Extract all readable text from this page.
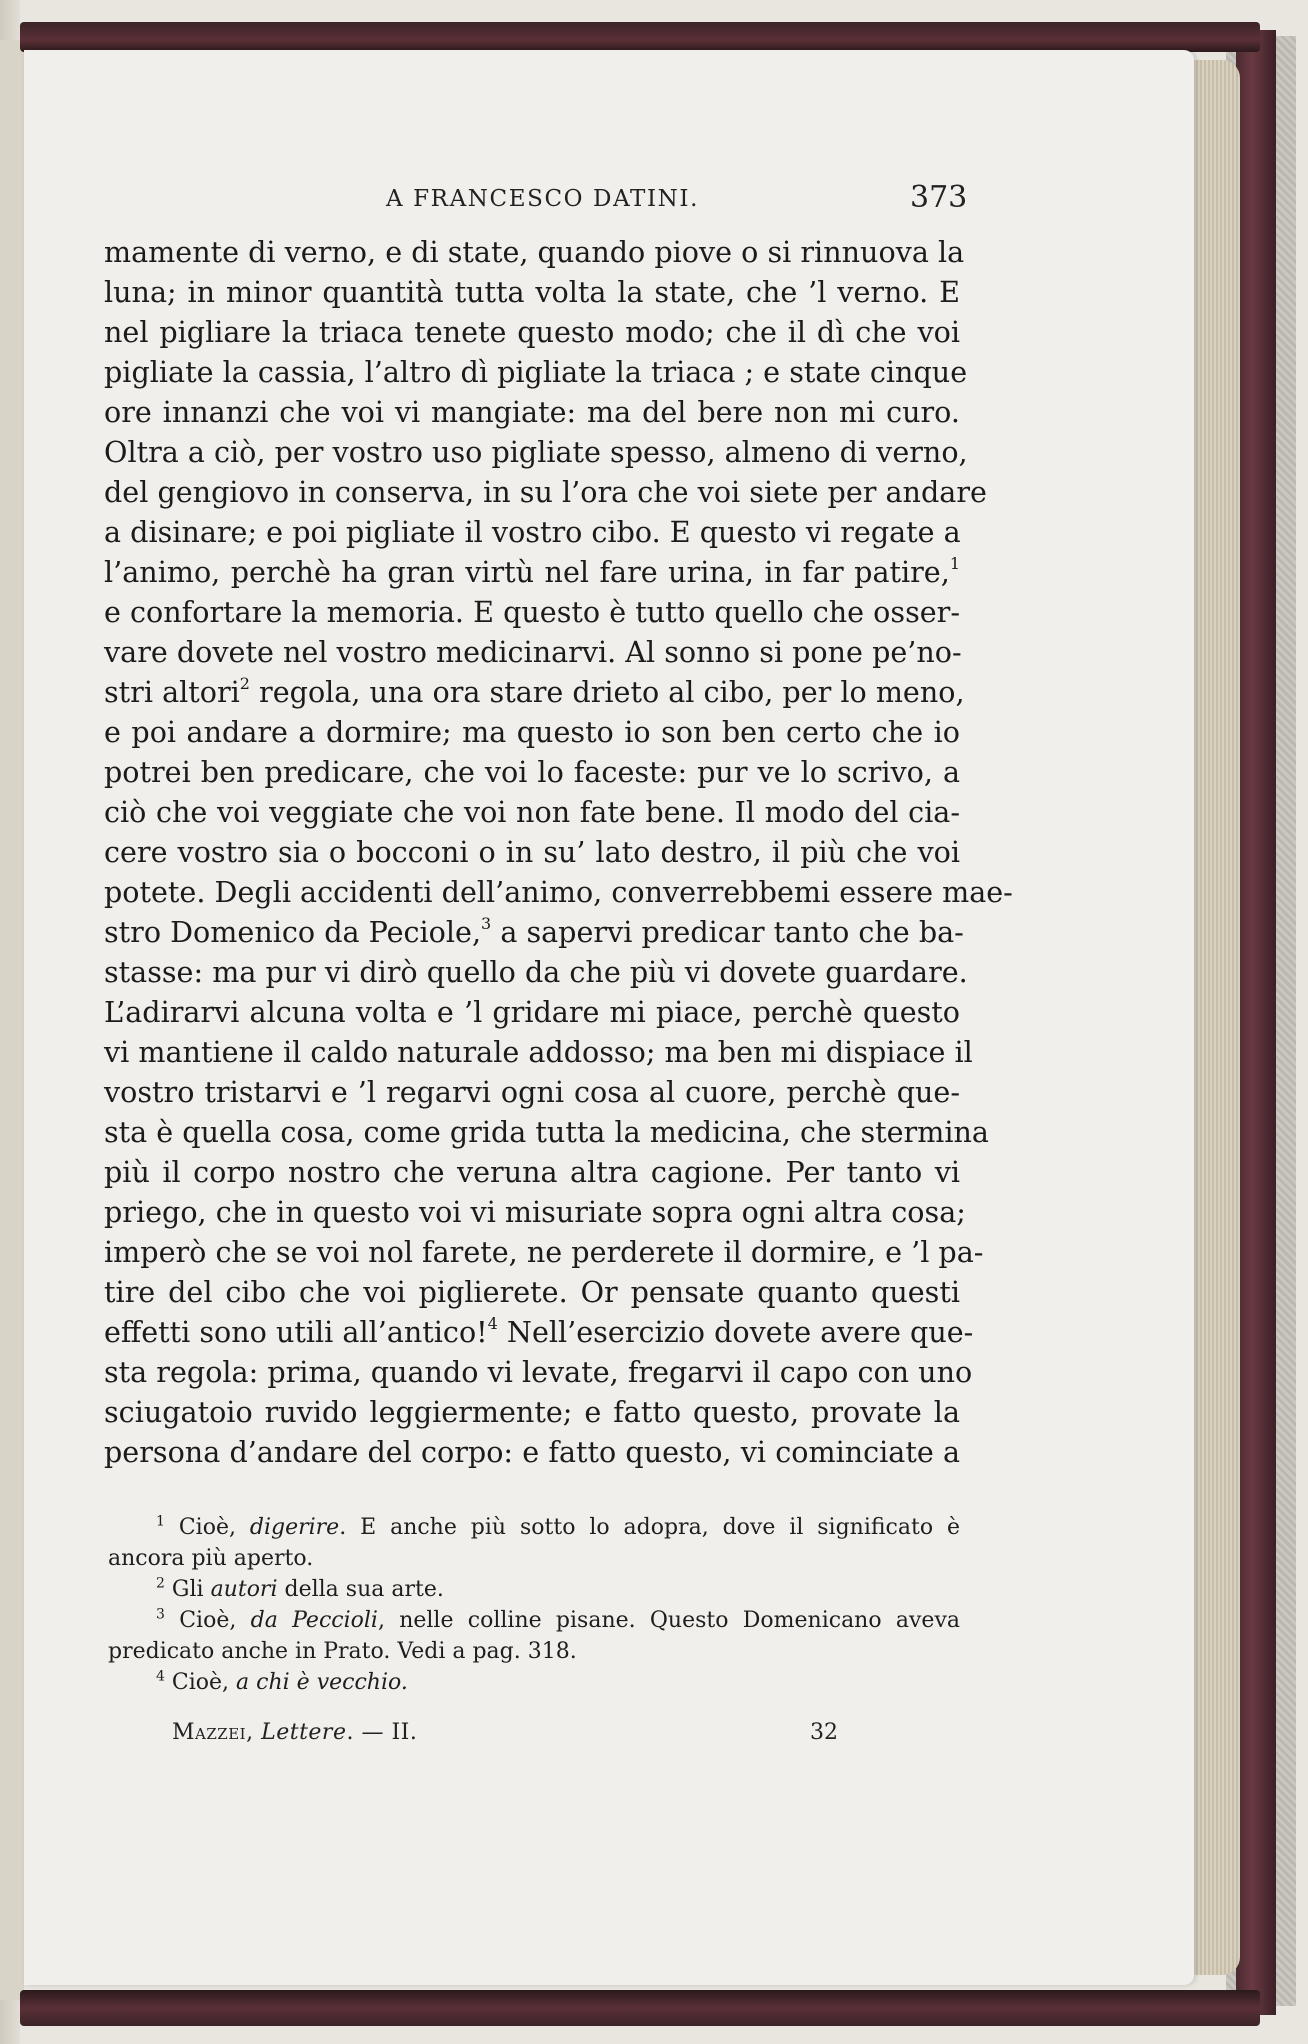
A FRANCESCO DATINI.	373
mamente di verno, e di state, quando piove o si rinnuova la
luna; in minor quantità tutta volta la state, che ’l verno. E
nel pigliare la triaca tenete questo modo; che il dì che voi
pigliate la cassia, l’altro dì pigliate la triaca ; e state cinque
ore innanzi che voi vi mangiate: ma del bere non mi curo.
Oltra a ciò, per vostro uso pigliate spesso, almeno di verno,
del gengiovo in conserva, in su l’ora che voi siete per andare
a disinare; e poi pigliate il vostro cibo. E questo vi regate a
l’animo, perchè ha gran virtù nel fare urina, in far patire,$^1$
e confortare la memoria. E questo è tutto quello che osser-
vare dovete nel vostro medicinarvi. Al sonno si pone pe’no-
stri altori$^2$ regola, una ora stare drieto al cibo, per lo meno,
e poi andare a dormire; ma questo io son ben certo che io
potrei ben predicare, che voi lo faceste: pur ve lo scrivo, a
ciò che voi veggiate che voi non fate bene. Il modo del cia-
cere vostro sia o bocconi o in su’ lato destro, il più che voi
potete. Degli accidenti dell’animo, converrebbemi essere mae-
stro Domenico da Peciole,$^3$ a sapervi predicar tanto che ba-
stasse: ma pur vi dirò quello da che più vi dovete guardare.
L’adirarvi alcuna volta e ’l gridare mi piace, perchè questo
vi mantiene il caldo naturale addosso; ma ben mi dispiace il
vostro tristarvi e ’l regarvi ogni cosa al cuore, perchè que-
sta è quella cosa, come grida tutta la medicina, che stermina
più il corpo nostro che veruna altra cagione. Per tanto vi
priego, che in questo voi vi misuriate sopra ogni altra cosa;
imperò che se voi nol farete, ne perderete il dormire, e ’l pa-
tire del cibo che voi piglierete. Or pensate quanto questi
effetti sono utili all’antico!$^4$ Nell’esercizio dovete avere que-
sta regola: prima, quando vi levate, fregarvi il capo con uno
sciugatoio ruvido leggiermente; e fatto questo, provate la
persona d’andare del corpo: e fatto questo, vi cominciate a
$^1$ Cioè, digerire. E anche più sotto lo adopra, dove il significato è
ancora più aperto.
$^2$ Gli autori della sua arte.
$^3$ Cioè, da Peccioli, nelle colline pisane. Questo Domenicano aveva
predicato anche in Prato. Vedi a pag. 318.
$^4$ Cioè, a chi è vecchio.
Mazzei, Lettere. — II.	32
